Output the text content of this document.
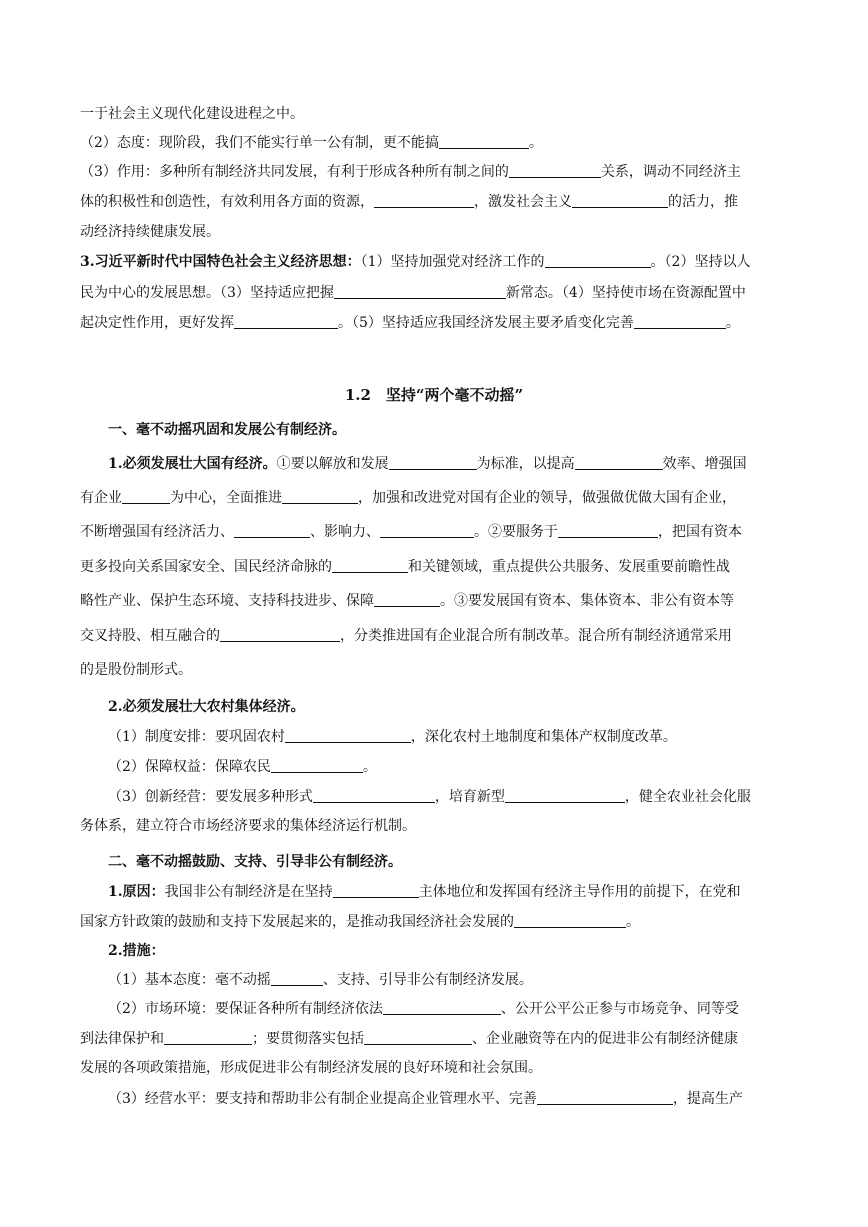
一于社会主义现代化建设进程之中。
（2）态度：现阶段，我们不能实行单一公有制，更不能搞	。
（3）作用：多种所有制经济共同发展，有利于形成各种所有制之间的	关系，调动不同经济主
体的积极性和创造性，有效利用各方面的资源，	，激发社会主义	的活力，推
动经济持续健康发展。
3.习近平新时代中国特色社会主义经济思想：（1）坚持加强党对经济工作的	。（2）坚持以人
民为中心的发展思想。（3）坚持适应把握	新常态。（4）坚持使市场在资源配置中
起决定性作用，更好发挥	。（5）坚持适应我国经济发展主要矛盾变化完善	。
1.2　坚持“两个毫不动摇”
一、毫不动摇巩固和发展公有制经济。
1.必须发展壮大国有经济。①要以解放和发展	为标准，以提高	效率、增强国
有企业	为中心，全面推进	，加强和改进党对国有企业的领导，做强做优做大国有企业，
不断增强国有经济活力、	、影响力、	。②要服务于	，把国有资本
更多投向关系国家安全、国民经济命脉的	和关键领域，重点提供公共服务、发展重要前瞻性战
略性产业、保护生态环境、支持科技进步、保障	。③要发展国有资本、集体资本、非公有资本等
交叉持股、相互融合的	，分类推进国有企业混合所有制改革。混合所有制经济通常采用
的是股份制形式。
2.必须发展壮大农村集体经济。
（1）制度安排：要巩固农村	，深化农村土地制度和集体产权制度改革。
（2）保障权益：保障农民	。
（3）创新经营：要发展多种形式	，培育新型	，健全农业社会化服
务体系，建立符合市场经济要求的集体经济运行机制。
二、毫不动摇鼓励、支持、引导非公有制经济。
1.原因：我国非公有制经济是在坚持	主体地位和发挥国有经济主导作用的前提下，在党和
国家方针政策的鼓励和支持下发展起来的，是推动我国经济社会发展的	。
2.措施：
（1）基本态度：毫不动摇	、支持、引导非公有制经济发展。
（2）市场环境：要保证各种所有制经济依法	、公开公平公正参与市场竞争、同等受
到法律保护和	；要贯彻落实包括	、企业融资等在内的促进非公有制经济健康
发展的各项政策措施，形成促进非公有制经济发展的良好环境和社会氛围。
（3）经营水平：要支持和帮助非公有制企业提高企业管理水平、完善	，提高生产
